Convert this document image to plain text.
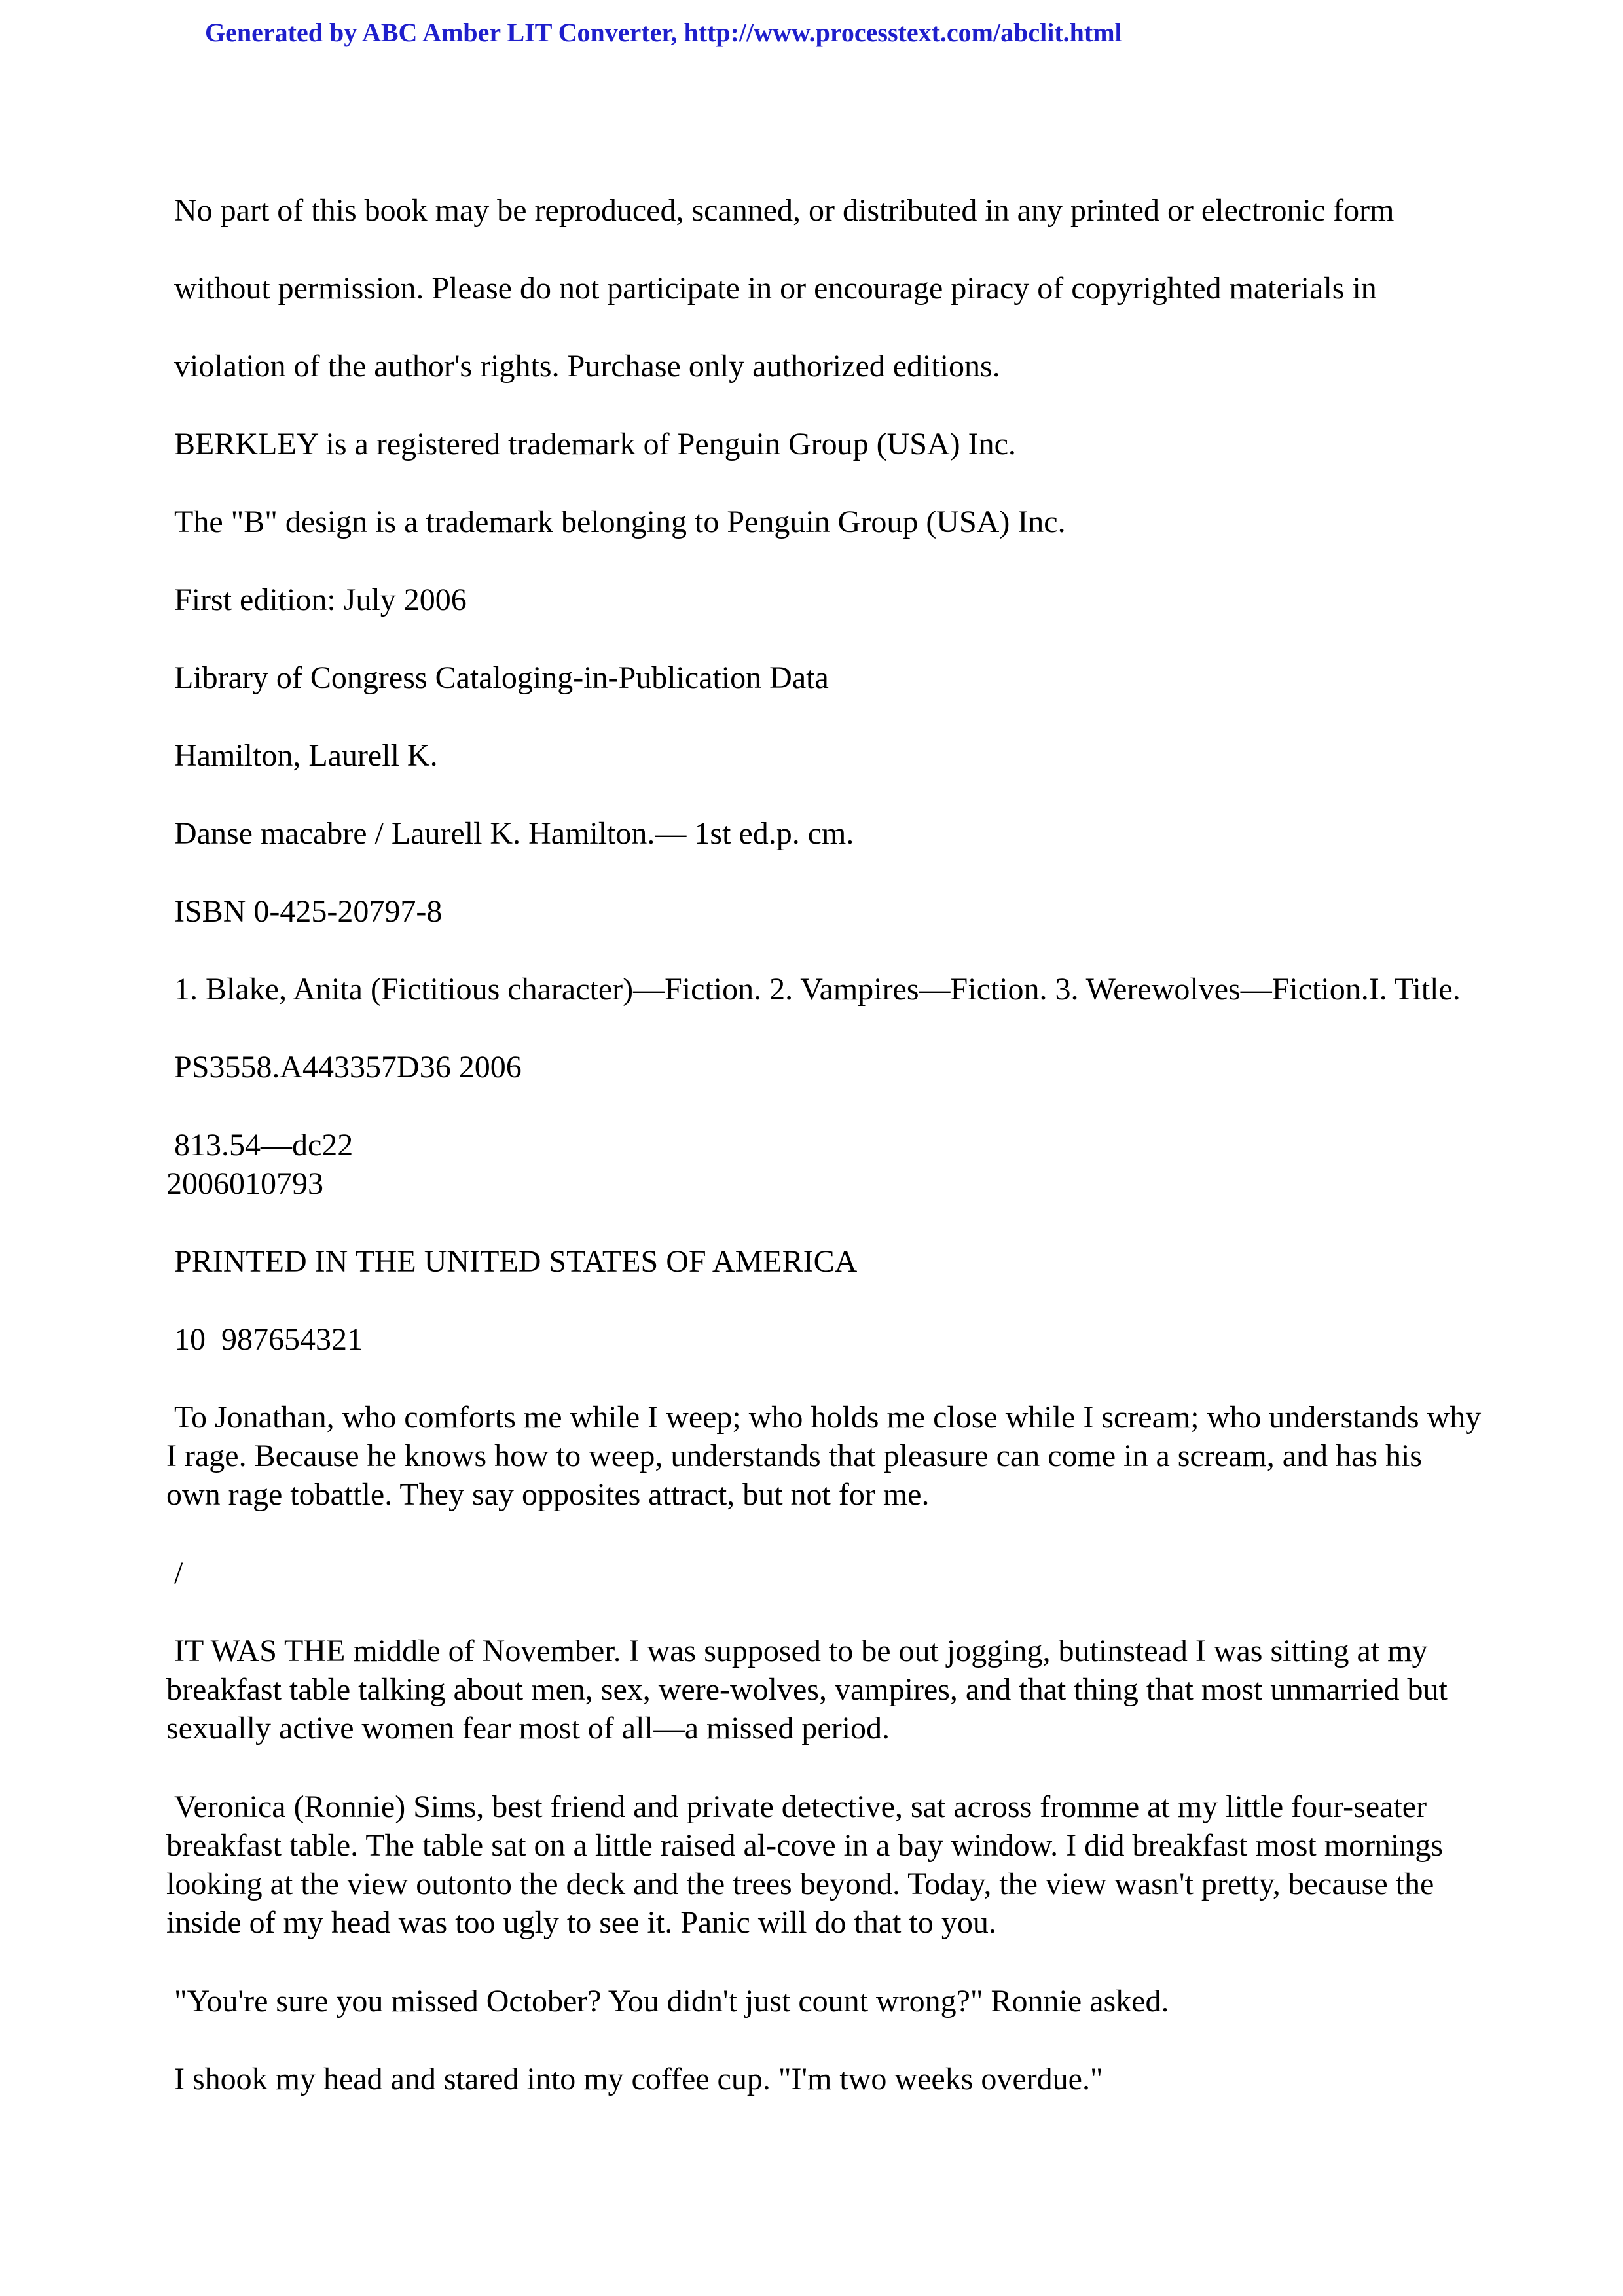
Generated by ABC Amber LIT Converter, http://www.processtext.com/abclit.html
No part of this book may be reproduced, scanned, or distributed in any printed or electronic form
without permission. Please do not participate in or encourage piracy of copyrighted materials in
violation of the author's rights. Purchase only authorized editions.
BERKLEY is a registered trademark of Penguin Group (USA) Inc.
The "B" design is a trademark belonging to Penguin Group (USA) Inc.
First edition: July 2006
Library of Congress Cataloging-in-Publication Data
Hamilton, Laurell K.
Danse macabre / Laurell K. Hamilton.— 1st ed.p. cm.
ISBN 0-425-20797-8
1. Blake, Anita (Fictitious character)—Fiction. 2. Vampires—Fiction. 3. Werewolves—Fiction.I. Title.
PS3558.A443357D36 2006
813.54—dc22
2006010793
PRINTED IN THE UNITED STATES OF AMERICA
10  987654321
To Jonathan, who comforts me while I weep; who holds me close while I scream; who understands why
I rage. Because he knows how to weep, understands that pleasure can come in a scream, and has his
own rage tobattle. They say opposites attract, but not for me.
/
IT WAS THE middle of November. I was supposed to be out jogging, butinstead I was sitting at my
breakfast table talking about men, sex, were-wolves, vampires, and that thing that most unmarried but
sexually active women fear most of all—a missed period.
Veronica (Ronnie) Sims, best friend and private detective, sat across fromme at my little four-seater
breakfast table. The table sat on a little raised al-cove in a bay window. I did breakfast most mornings
looking at the view outonto the deck and the trees beyond. Today, the view wasn't pretty, because the
inside of my head was too ugly to see it. Panic will do that to you.
"You're sure you missed October? You didn't just count wrong?" Ronnie asked.
I shook my head and stared into my coffee cup. "I'm two weeks overdue."
